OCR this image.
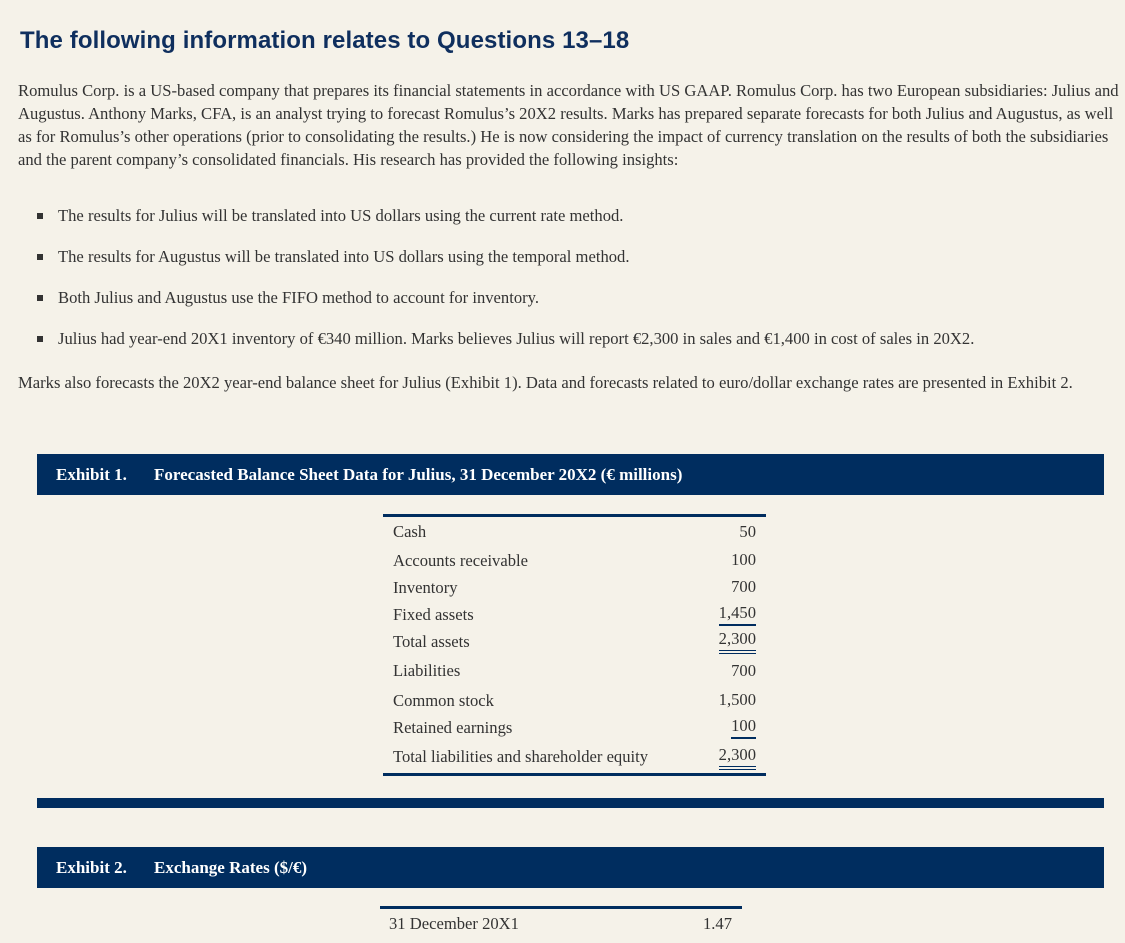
The following information relates to Questions 13–18

Romulus Corp. is a US-based company that prepares its financial statements in accordance with US GAAP. Romulus Corp. has two European subsidiaries: Julius and Augustus. Anthony Marks, CFA, is an analyst trying to forecast Romulus’s 20X2 results. Marks has prepared separate forecasts for both Julius and Augustus, as well as for Romulus’s other operations (prior to consolidating the results.) He is now considering the impact of currency translation on the results of both the subsidiaries and the parent company’s consolidated financials. His research has provided the following insights:

The results for Julius will be translated into US dollars using the current rate method.
The results for Augustus will be translated into US dollars using the temporal method.
Both Julius and Augustus use the FIFO method to account for inventory.
Julius had year-end 20X1 inventory of €340 million. Marks believes Julius will report €2,300 in sales and €1,400 in cost of sales in 20X2.

Marks also forecasts the 20X2 year-end balance sheet for Julius (Exhibit 1). Data and forecasts related to euro/dollar exchange rates are presented in Exhibit 2.

Exhibit 1. Forecasted Balance Sheet Data for Julius, 31 December 20X2 (€ millions)
Cash	50
Accounts receivable	100
Inventory	700
Fixed assets	1,450
Total assets	2,300
Liabilities	700
Common stock	1,500
Retained earnings	100
Total liabilities and shareholder equity	2,300
Exhibit 2. Exchange Rates ($/€)
31 December 20X1	1.47
